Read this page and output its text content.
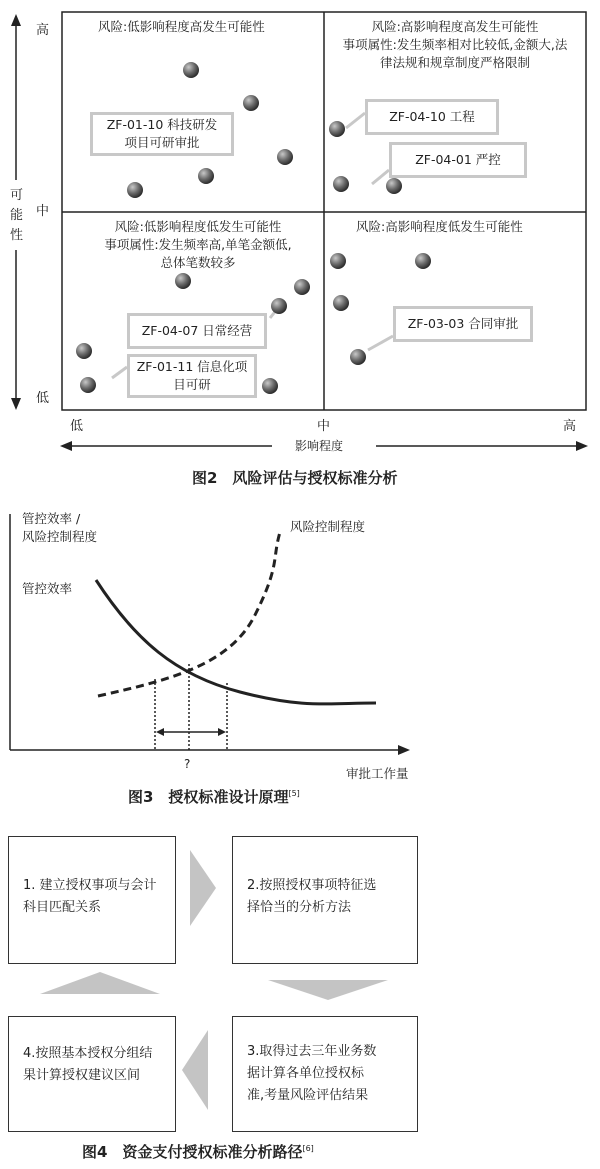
高
中
低
可
能
性
低	中	高
影响程度
风险:低影响程度高发生可能性	风险:高影响程度高发生可能性
事项属性:发生频率相对比较低,金额大,法
律法规和规章制度严格限制
风险:低影响程度低发生可能性
事项属性:发生频率高,单笔金额低,
总体笔数较多
风险:高影响程度低发生可能性
ZF-01-10 科技研发
项目可研审批
ZF-04-10 工程
ZF-04-01 严控
ZF-04-07 日常经营
ZF-01-11 信息化项
目可研
ZF-03-03 合同审批
图2　风险评估与授权标准分析
管控效率 /
风险控制程度
管控效率
风险控制程度
?
审批工作量
图3　授权标准设计原理[5]
1. 建立授权事项与会计
科目匹配关系
2.按照授权事项特征选
择恰当的分析方法
3.取得过去三年业务数
据计算各单位授权标
准,考量风险评估结果
4.按照基本授权分组结
果计算授权建议区间
图4　资金支付授权标准分析路径[6]
